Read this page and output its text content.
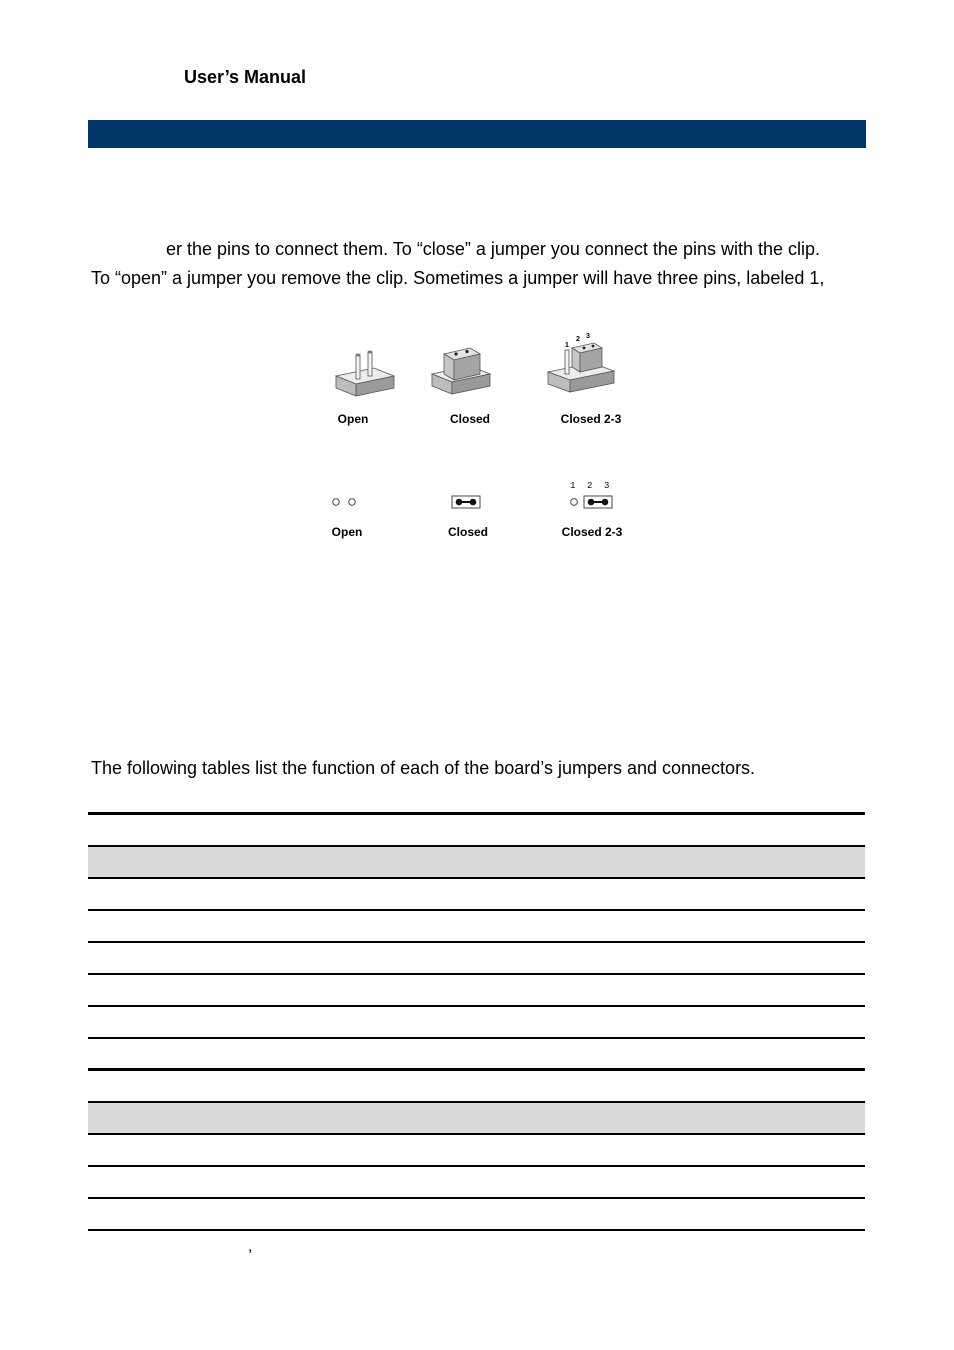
User’s Manual
er the pins to connect them. To “close” a jumper you connect the pins with the clip.
To “open” a jumper you remove the clip. Sometimes a jumper will have three pins, labeled 1,
1
2 3
Open	Closed	Closed 2-3
1 2 3
Open	Closed	Closed 2-3
The following tables list the function of each of the board’s jumpers and connectors.
,
